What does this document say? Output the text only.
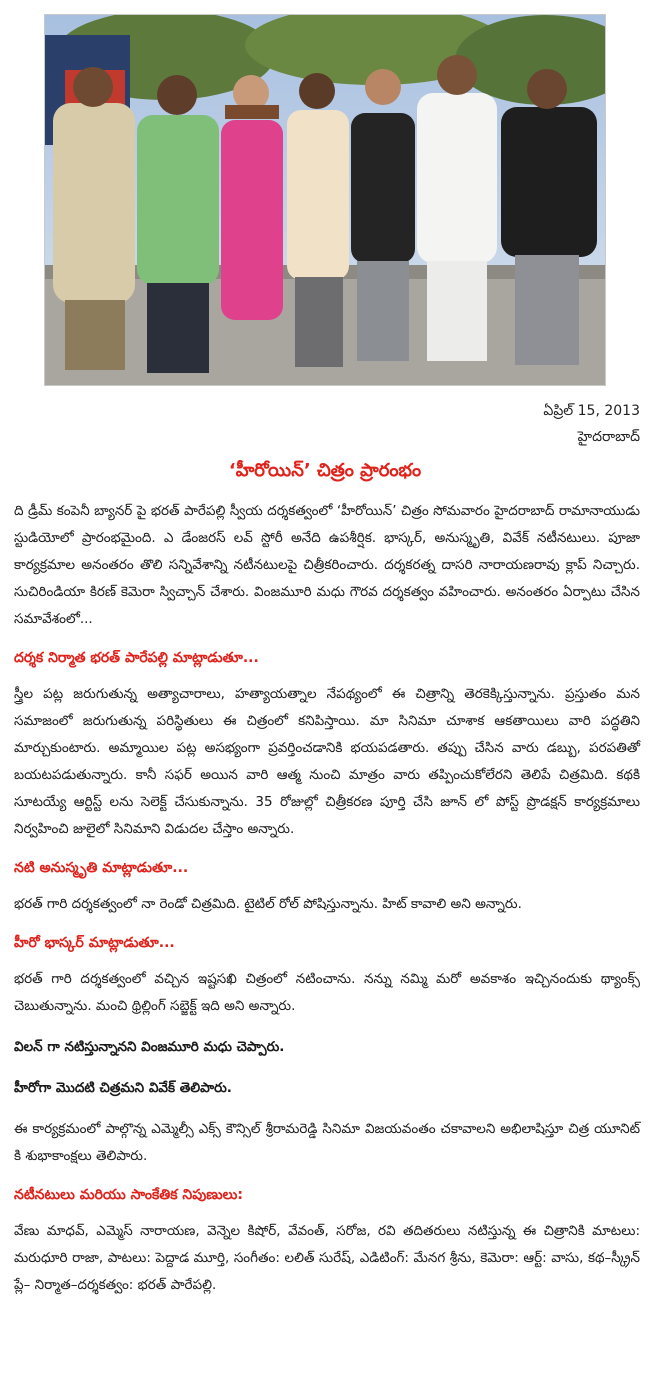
ఏప్రిల్ 15, 2013
హైదరాబాద్
‘హీరోయిన్’ చిత్రం ప్రారంభం

ది డ్రీమ్ కంపెనీ బ్యానర్ పై భరత్ పారేపల్లి స్వీయ దర్శకత్వంలో ‘హీరోయిన్’ చిత్రం సోమవారం హైదరాబాద్ రామానాయుడు స్టుడియోలో ప్రారంభమైంది. ఎ డేంజరస్ లవ్ స్టోరీ అనేది ఉపశీర్షిక. భాస్కర్, అనుస్మృతి, వివేక్ నటీనటులు. పూజా కార్యక్రమాల అనంతరం తొలి సన్నివేశాన్ని నటీనటులపై చిత్రీకరించారు. దర్శకరత్న దాసరి నారాయణరావు క్లాప్ నిచ్చారు. సుచిరిండియా కిరణ్ కెమెరా స్విచ్చాన్ చేశారు. వింజమూరి మధు గౌరవ దర్శకత్వం వహించారు. అనంతరం ఏర్పాటు చేసిన సమావేశంలో...

దర్శక నిర్మాత భరత్ పారేపల్లి మాట్లాడుతూ...

స్త్రీల పట్ల జరుగుతున్న అత్యాచారాలు, హత్యాయత్నాల నేపథ్యంలో ఈ చిత్రాన్ని తెరకెక్కిస్తున్నాను. ప్రస్తుతం మన సమాజంలో జరుగుతున్న పరిస్థితులు ఈ చిత్రంలో కనిపిస్తాయి. మా సినిమా చూశాక ఆకతాయిలు వారి పద్ధతిని మార్చుకుంటారు. అమ్మాయిల పట్ల అసభ్యంగా ప్రవర్తించడానికి భయపడతారు. తప్పు చేసిన వారు డబ్బు, పరపతితో బయటపడుతున్నారు. కానీ సఫర్ అయిన వారి ఆత్మ నుంచి మాత్రం వారు తప్పించుకోలేరని తెలిపే చిత్రమిది. కథకి సూటయ్యే ఆర్టిస్ట్ లను సెలెక్ట్ చేసుకున్నాను. 35 రోజుల్లో చిత్రీకరణ పూర్తి చేసి జూన్ లో పోస్ట్ ప్రొడక్షన్ కార్యక్రమాలు నిర్వహించి జులైలో సినిమాని విడుదల చేస్తాం అన్నారు.

నటి అనుస్మృతి మాట్లాడుతూ...

భరత్ గారి దర్శకత్వంలో నా రెండో చిత్రమిది. టైటిల్ రోల్ పోషిస్తున్నాను. హిట్ కావాలి అని అన్నారు.

హీరో భాస్కర్ మాట్లాడుతూ...

భరత్ గారి దర్శకత్వంలో వచ్చిన ఇష్టసఖి చిత్రంలో నటించాను. నన్ను నమ్మి మరో అవకాశం ఇచ్చినందుకు థ్యాంక్స్ చెబుతున్నాను. మంచి థ్రిల్లింగ్ సబ్జెక్ట్ ఇది అని అన్నారు.

విలన్ గా నటిస్తున్నానని వింజమూరి మధు చెప్పారు.

హీరోగా మొదటి చిత్రమని వివేక్ తెలిపారు.

ఈ కార్యక్రమంలో పాల్గొన్న ఎమ్మెల్సీ ఎక్స్ కౌన్సిల్ శ్రీరామరెడ్డి సినిమా విజయవంతం చకావాలని అభిలాషిస్తూ చిత్ర యూనిట్ కి శుభాకాంక్షలు తెలిపారు.

నటీనటులు మరియు సాంకేతిక నిపుణులు:

వేణు మాధవ్, ఎమ్మెస్ నారాయణ, వెన్నెల కిషోర్, వేవంత్, సరోజ, రవి తదితరులు నటిస్తున్న ఈ చిత్రానికి మాటలు: మరుధూరి రాజా, పాటలు: పెద్దాడ మూర్తి, సంగీతం: లలిత్ సురేష్, ఎడిటింగ్: మేనగ శ్రీను, కెమెరా: ఆర్ట్: వాసు, కథ–స్క్రీన్ ప్లే– నిర్మాత–దర్శకత్వం: భరత్ పారేపల్లి.
